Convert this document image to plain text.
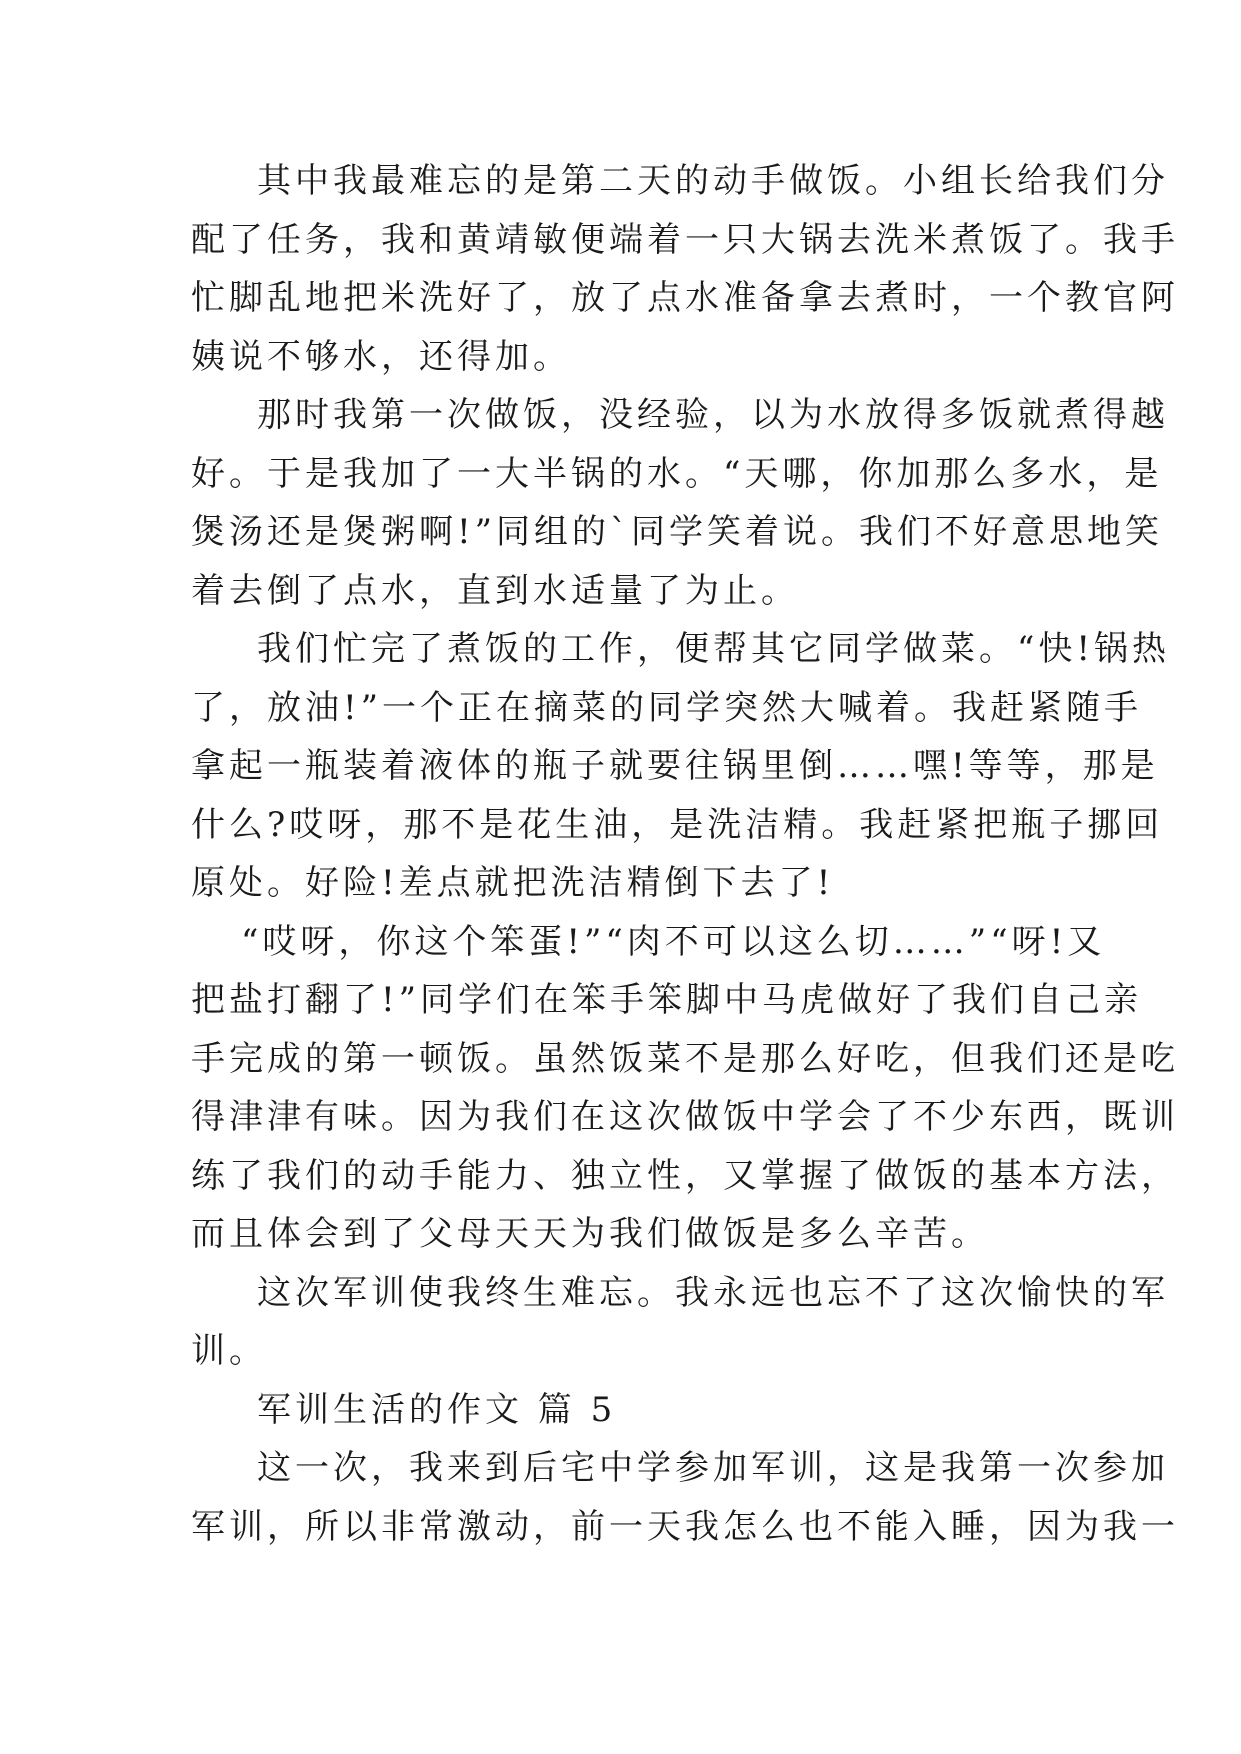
其中我最难忘的是第二天的动手做饭。小组长给我们分
配了任务，我和黄靖敏便端着一只大锅去洗米煮饭了。我手
忙脚乱地把米洗好了，放了点水准备拿去煮时，一个教官阿
姨说不够水，还得加。
那时我第一次做饭，没经验，以为水放得多饭就煮得越
好。于是我加了一大半锅的水。“天哪，你加那么多水，是
煲汤还是煲粥啊!”同组的`同学笑着说。我们不好意思地笑
着去倒了点水，直到水适量了为止。
我们忙完了煮饭的工作，便帮其它同学做菜。“快!锅热
了，放油!”一个正在摘菜的同学突然大喊着。我赶紧随手
拿起一瓶装着液体的瓶子就要往锅里倒……嘿!等等，那是
什么?哎呀，那不是花生油，是洗洁精。我赶紧把瓶子挪回
原处。好险!差点就把洗洁精倒下去了!
“哎呀，你这个笨蛋!”“肉不可以这么切……”“呀!又
把盐打翻了!”同学们在笨手笨脚中马虎做好了我们自己亲
手完成的第一顿饭。虽然饭菜不是那么好吃，但我们还是吃
得津津有味。因为我们在这次做饭中学会了不少东西，既训
练了我们的动手能力、独立性，又掌握了做饭的基本方法，
而且体会到了父母天天为我们做饭是多么辛苦。
这次军训使我终生难忘。我永远也忘不了这次愉快的军
训。
军训生活的作文 篇 5
这一次，我来到后宅中学参加军训，这是我第一次参加
军训，所以非常激动，前一天我怎么也不能入睡，因为我一
